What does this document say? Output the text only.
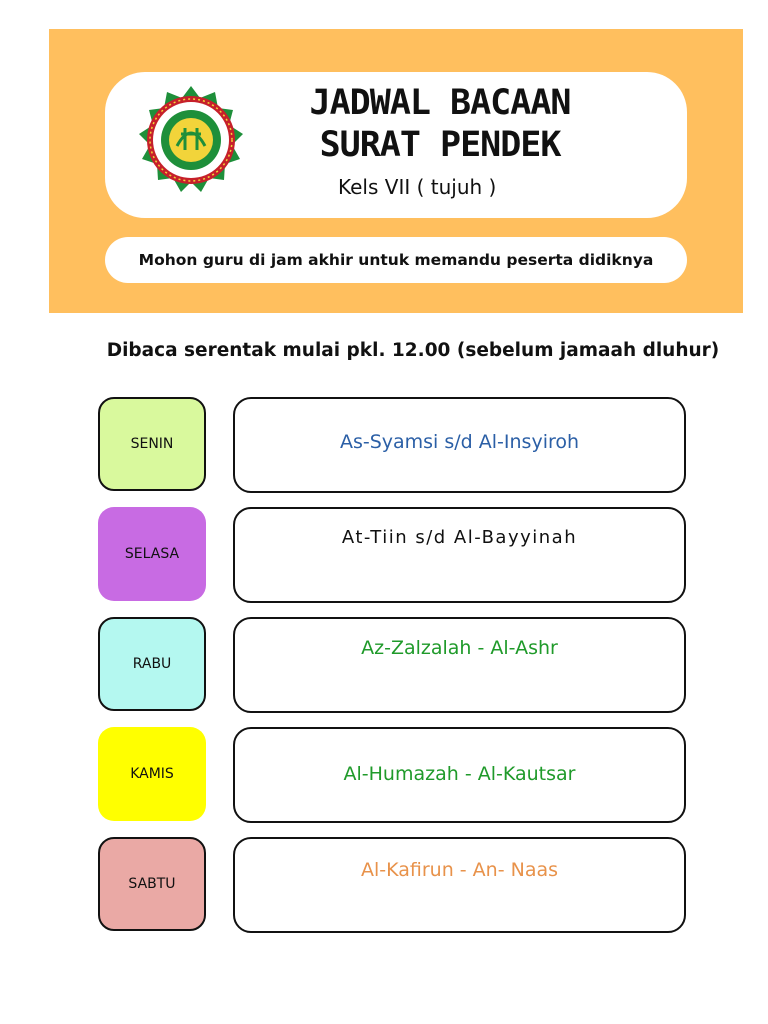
JADWAL BACAAN
SURAT PENDEK
Kels VII ( tujuh )
Mohon guru di jam akhir untuk memandu peserta didiknya
Dibaca serentak mulai pkl. 12.00 (sebelum jamaah dluhur)
SENIN	As-Syamsi s/d Al-Insyiroh
SELASA
At-Tiin s/d Al-Bayyinah
RABU
Az-Zalzalah - Al-Ashr
KAMIS	Al-Humazah - Al-Kautsar
SABTU
Al-Kafirun - An- Naas
